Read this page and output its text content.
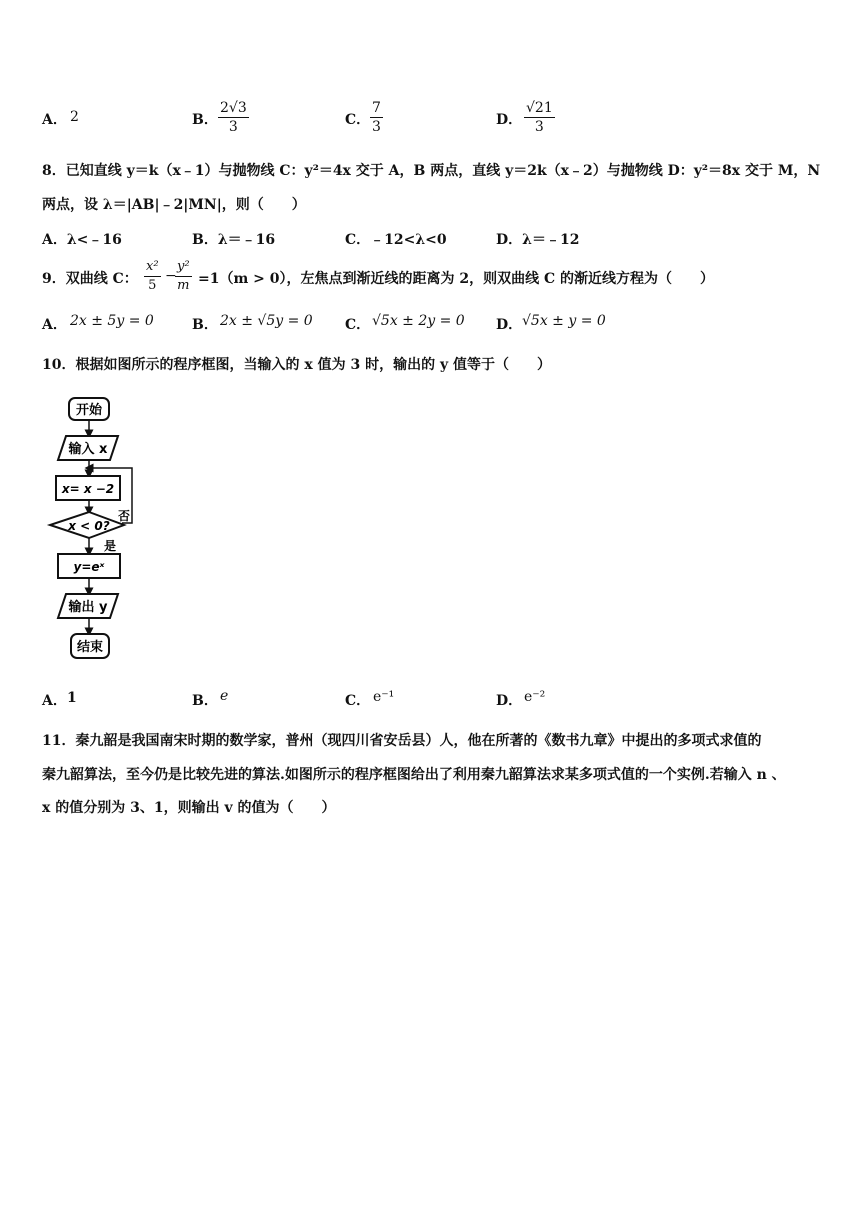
A． 2	B． $\frac{2√3}{3}$	C． $\frac{7}{3}$	D． $\frac{√21}{3}$
8．已知直线 y＝k（x﹣1）与抛物线 C：y²＝4x 交于 A，B 两点，直线 y＝2k（x﹣2）与抛物线 D：y²＝8x 交于 M，N
两点，设 λ＝|AB|﹣2|MN|，则（　　）
A．λ<﹣16	B．λ＝﹣16	C．﹣12<λ<0	D．λ＝﹣12
9．双曲线 C： $\frac{\text{x²}}{5}$ −
$\frac{\text{y²}}{m} =1(m > 0)$，左焦点到渐近线的距离为 2，则双曲线 C 的渐近线方程为（　　）
A． 2x ± 5y = 0	B． 2x ± √5y = 0 C． √5x ± 2y = 0 D． √5x ± y = 0
10．根据如图所示的程序框图，当输入的 x 值为 3 时，输出的 y 值等于（　　）
开始
输入 x
x= x −2
x < 0?
否
是
y=eˣ
输出 y
结束
A． 1	B． e	C． e⁻¹	D． e⁻²
11．秦九韶是我国南宋时期的数学家，普州（现四川省安岳县）人，他在所著的《数书九章》中提出的多项式求值的
秦九韶算法，至今仍是比较先进的算法.如图所示的程序框图给出了利用秦九韶算法求某多项式值的一个实例.若输入 n 、
x 的值分别为 3、1，则输出 v 的值为（　　）
